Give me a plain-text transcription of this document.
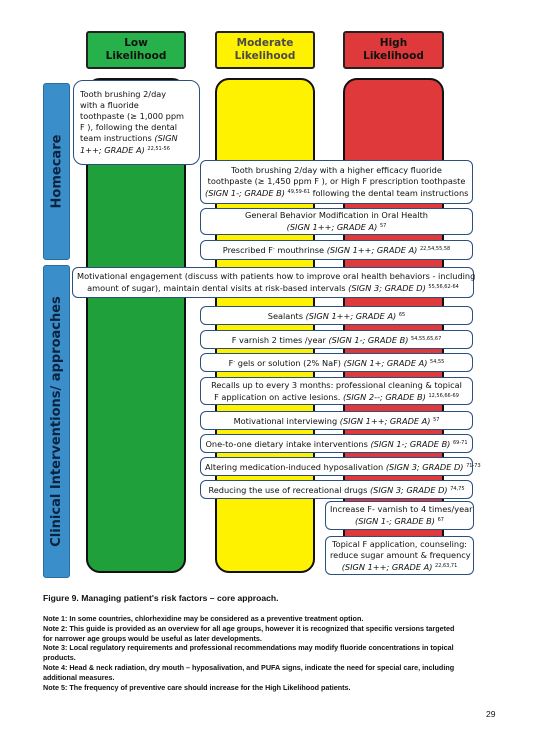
Low
Likelihood
Moderate
Likelihood
High
Likelihood
Homecare
Clinical Interventions/ approaches
Tooth brushing 2/day
with a fluoride
toothpaste (≥ 1,000 ppm
F ), following the dental
team instructions (SIGN
1++; GRADE A) $^{22,51-56}$
Tooth brushing 2/day with a higher efficacy fluoride
toothpaste (≥ 1,450 ppm F ), or High F prescription toothpaste
(SIGN 1-; GRADE B) $^{49,59-61}$ following the dental team instructions
General Behavior Modification in Oral Health
(SIGN 1++; GRADE A) $^{57}$
Prescribed F- mouthrinse (SIGN 1++; GRADE A) $^{22,54,55,58}$
Motivational engagement (discuss with patients how to improve oral health behaviors - including
amount of sugar), maintain dental visits at risk-based intervals (SIGN 3; GRADE D) $^{55,56,62-64}$
Sealants (SIGN 1++; GRADE A) $^{65}$
F varnish 2 times /year (SIGN 1-; GRADE B) $^{54,55,65,67}$
F- gels or solution (2% NaF) (SIGN 1+; GRADE A) $^{54,55}$
Recalls up to every 3 months: professional cleaning & topical
F application on active lesions. (SIGN 2--; GRADE B) $^{12,56,66-69}$
Motivational interviewing (SIGN 1++; GRADE A) $^{57}$
One-to-one dietary intake interventions (SIGN 1-; GRADE B) $^{69-71}$
Altering medication-induced hyposalivation (SIGN 3; GRADE D) $^{71-73}$
Reducing the use of recreational drugs (SIGN 3; GRADE D) $^{74,75}$
Increase F- varnish to 4 times/year
(SIGN 1-; GRADE B) $^{67}$
Topical F application, counseling:
reduce sugar amount & frequency
(SIGN 1++; GRADE A) $^{22,63,71}$
Figure 9. Managing patient's risk factors – core approach.

Note 1: In some countries, chlorhexidine may be considered as a preventive treatment option.

Note 2: This guide is provided as an overview for all age groups, however it is recognized that specific versions targeted

for narrower age groups would be useful as later developments.

Note 3: Local regulatory requirements and professional recommendations may modify fluoride concentrations in topical

products.

Note 4: Head & neck radiation, dry mouth – hyposalivation, and PUFA signs, indicate the need for special care, including

additional measures.

Note 5: The frequency of preventive care should increase for the High Likelihood patients.

29
